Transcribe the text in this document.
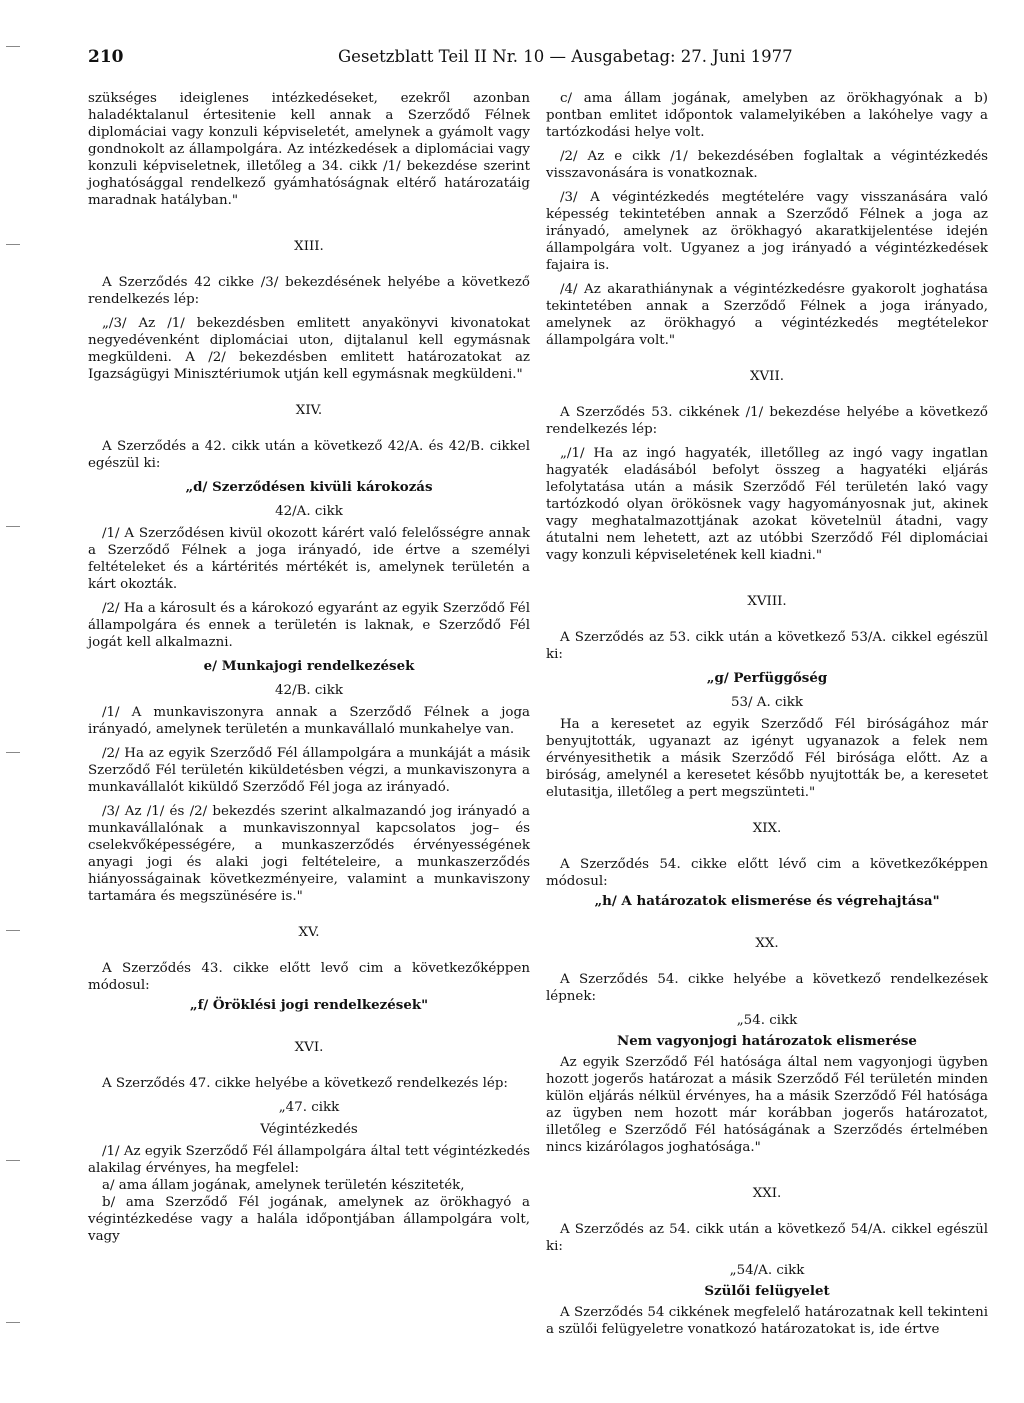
210	Gesetzblatt Teil II Nr. 10 — Ausgabetag: 27. Juni 1977

szükséges ideiglenes intézkedéseket, ezekről azonban haladéktalanul értesitenie kell annak a Szerződő Félnek diplomáciai vagy konzuli képviseletét, amelynek a gyámolt vagy gondnokolt az állampolgára. Az intézkedések a diplomáciai vagy konzuli képviseletnek, illetőleg a 34. cikk /1/ bekezdése szerint joghatósággal rendelkező gyámhatóságnak eltérő határozatáig maradnak hatályban."

XIII.

A Szerződés 42 cikke /3/ bekezdésének helyébe a következő rendelkezés lép:

„/3/ Az /1/ bekezdésben emlitett anyakönyvi kivonatokat negyedévenként diplomáciai uton, dijtalanul kell egymásnak megküldeni. A /2/ bekezdésben emlitett határozatokat az Igazságügyi Minisztériumok utján kell egymásnak megküldeni."

XIV.

A Szerződés a 42. cikk után a következő 42/A. és 42/B. cikkel egészül ki:

„d/ Szerződésen kivüli károkozás

42/A. cikk

/1/ A Szerződésen kivül okozott kárért való felelősségre annak a Szerződő Félnek a joga irányadó, ide értve a személyi feltételeket és a kártérités mértékét is, amelynek területén a kárt okozták.

/2/ Ha a károsult és a károkozó egyaránt az egyik Szerződő Fél állampolgára és ennek a területén is laknak, e Szerződő Fél jogát kell alkalmazni.

e/ Munkajogi rendelkezések

42/B. cikk

/1/ A munkaviszonyra annak a Szerződő Félnek a joga irányadó, amelynek területén a munkavállaló munkahelye van.

/2/ Ha az egyik Szerződő Fél állampolgára a munkáját a másik Szerződő Fél területén kiküldetésben végzi, a munkaviszonyra a munkavállalót kiküldő Szerződő Fél joga az irányadó.

/3/ Az /1/ és /2/ bekezdés szerint alkalmazandó jog irányadó a munkavállalónak a munkaviszonnyal kapcsolatos jog– és cselekvőképességére, a munkaszerződés érvényességének anyagi jogi és alaki jogi feltételeire, a munkaszerződés hiányosságainak következményeire, valamint a munkaviszony tartamára és megszünésére is."

XV.

A Szerződés 43. cikke előtt levő cim a következőképpen módosul:

„f/ Öröklési jogi rendelkezések"

XVI.

A Szerződés 47. cikke helyébe a következő rendelkezés lép:

„47. cikk

Végintézkedés

/1/ Az egyik Szerződő Fél állampolgára által tett végintézkedés alakilag érvényes, ha megfelel:

a/ ama állam jogának, amelynek területén késziteték,

b/ ama Szerződő Fél jogának, amelynek az örökhagyó a végintézkedése vagy a halála időpontjában állampolgára volt, vagy

c/ ama állam jogának, amelyben az örökhagyónak a b) pontban emlitet időpontok valamelyikében a lakóhelye vagy a tartózkodási helye volt.

/2/ Az e cikk /1/ bekezdésében foglaltak a végintézkedés visszavonására is vonatkoznak.

/3/ A végintézkedés megtételére vagy visszanására való képesség tekintetében annak a Szerződő Félnek a joga az irányadó, amelynek az örökhagyó akaratkijelentése idején állampolgára volt. Ugyanez a jog irányadó a végintézkedések fajaira is.

/4/ Az akarathiánynak a végintézkedésre gyakorolt joghatása tekintetében annak a Szerződő Félnek a joga irányado, amelynek az örökhagyó a végintézkedés megtételekor állampolgára volt."

XVII.

A Szerződés 53. cikkének /1/ bekezdése helyébe a következő rendelkezés lép:

„/1/ Ha az ingó hagyaték, illetőlleg az ingó vagy ingatlan hagyaték eladásából befolyt összeg a hagyatéki eljárás lefolytatása után a másik Szerződő Fél területén lakó vagy tartózkodó olyan örökösnek vagy hagyományosnak jut, akinek vagy meghatalmazottjának azokat követelnül átadni, vagy átutalni nem lehetett, azt az utóbbi Szerződő Fél diplomáciai vagy konzuli képviseletének kell kiadni."

XVIII.

A Szerződés az 53. cikk után a következő 53/A. cikkel egészül ki:

„g/ Perfüggőség

53/ A. cikk

Ha a keresetet az egyik Szerződő Fél biróságához már benyujtották, ugyanazt az igényt ugyanazok a felek nem érvényesithetik a másik Szerződő Fél birósága előtt. Az a biróság, amelynél a keresetet később nyujtották be, a keresetet elutasitja, illetőleg a pert megszünteti."

XIX.

A Szerződés 54. cikke előtt lévő cim a következőképpen módosul:

„h/ A határozatok elismerése és végrehajtása"

XX.

A Szerződés 54. cikke helyébe a következő rendelkezések lépnek:

„54. cikk

Nem vagyonjogi határozatok elismerése

Az egyik Szerződő Fél hatósága által nem vagyonjogi ügyben hozott jogerős határozat a másik Szerződő Fél területén minden külön eljárás nélkül érvényes, ha a másik Szerződő Fél hatósága az ügyben nem hozott már korábban jogerős határozatot, illetőleg e Szerződő Fél hatóságának a Szerződés értelmében nincs kizárólagos joghatósága."

XXI.

A Szerződés az 54. cikk után a következő 54/A. cikkel egészül ki:

„54/A. cikk

Szülői felügyelet

A Szerződés 54 cikkének megfelelő határozatnak kell tekinteni a szülői felügyeletre vonatkozó határozatokat is, ide értve
